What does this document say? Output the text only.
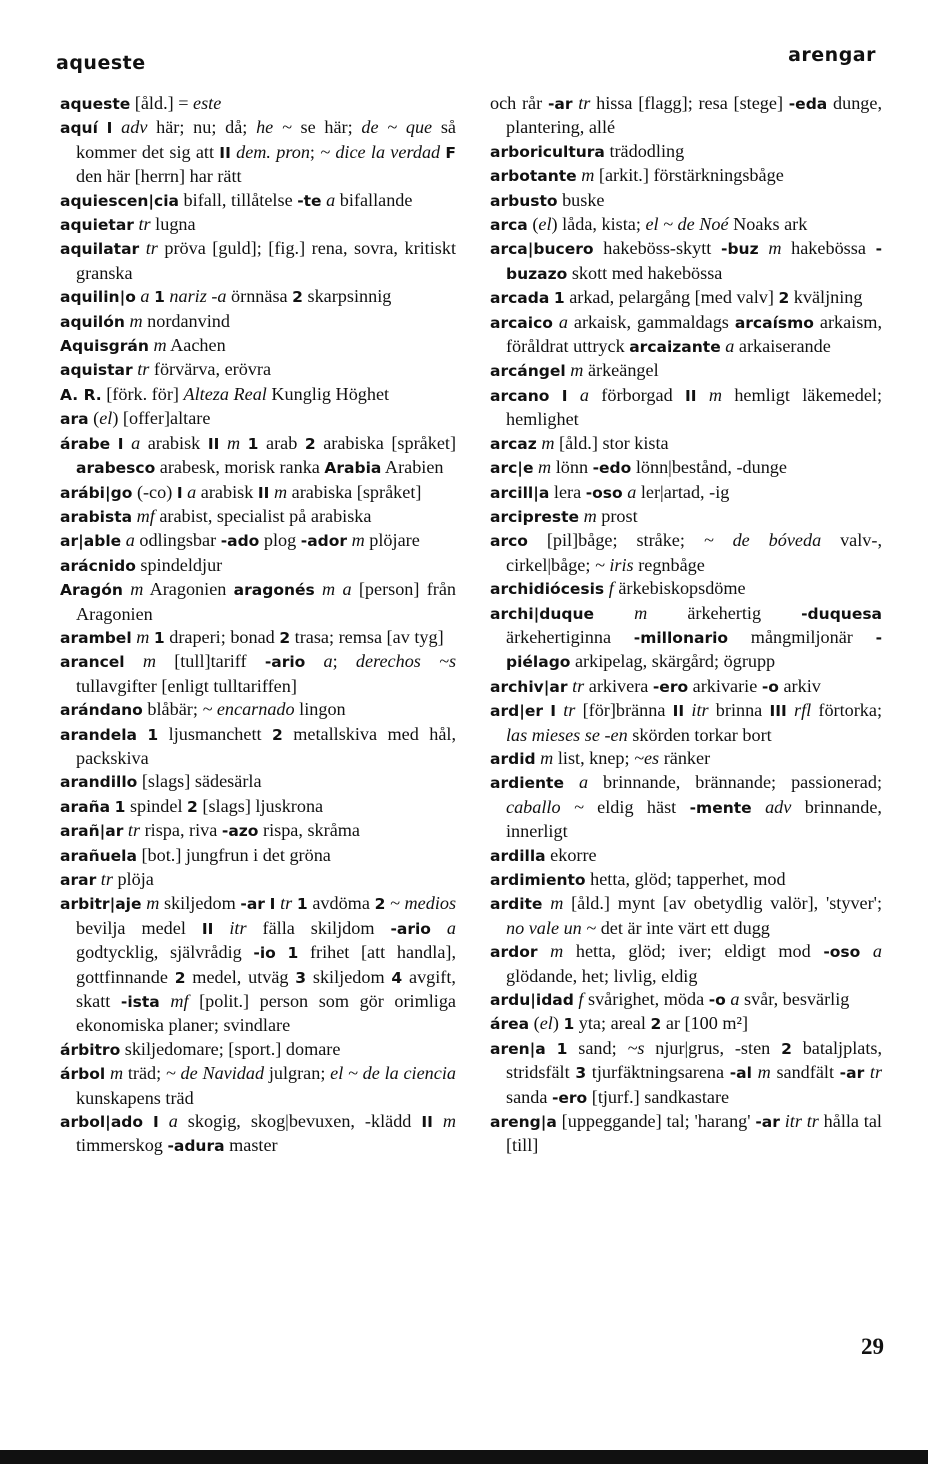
aqueste	arengar

aqueste [åld.] = este

aquí I adv här; nu; då; he ~ se här; de ~ que så kommer det sig att II dem. pron; ~ dice la verdad F den här [herrn] har rätt

aquiescen|cia bifall, tillåtelse -te a bifallande

aquietar tr lugna

aquilatar tr pröva [guld]; [fig.] rena, sovra, kritiskt granska

aquilin|o a 1 nariz -a örnnäsa 2 skarpsinnig

aquilón m nordanvind

Aquisgrán m Aachen

aquistar tr förvärva, erövra

A. R. [förk. för] Alteza Real Kunglig Höghet

ara (el) [offer]altare

árabe I a arabisk II m 1 arab 2 arabiska [språket] arabesco arabesk, morisk ranka Arabia Arabien

arábi|go (-co) I a arabisk II m arabiska [språket]

arabista mf arabist, specialist på arabiska

ar|able a odlingsbar -ado plog -ador m plöjare

arácnido spindeldjur

Aragón m Aragonien aragonés m a [person] från Aragonien

arambel m 1 draperi; bonad 2 trasa; remsa [av tyg]

arancel m [tull]tariff -ario a; derechos ~s tullavgifter [enligt tulltariffen]

arándano blåbär; ~ encarnado lingon

arandela 1 ljusmanchett 2 metallskiva med hål, packskiva

arandillo [slags] sädesärla

araña 1 spindel 2 [slags] ljuskrona

arañ|ar tr rispa, riva -azo rispa, skråma

arañuela [bot.] jungfrun i det gröna

arar tr plöja

arbitr|aje m skiljedom -ar I tr 1 avdöma 2 ~ medios bevilja medel II itr fälla skiljdom -ario a godtycklig, självrådig -io 1 frihet [att handla], gottfinnande 2 medel, utväg 3 skiljedom 4 avgift, skatt -ista mf [polit.] person som gör orimliga ekonomiska planer; svindlare

árbitro skiljedomare; [sport.] domare

árbol m träd; ~ de Navidad julgran; el ~ de la ciencia kunskapens träd

arbol|ado I a skogig, skog|bevuxen, -klädd II m timmerskog -adura master

och rår -ar tr hissa [flagg]; resa [stege] -eda dunge, plantering, allé

arboricultura trädodling

arbotante m [arkit.] förstärkningsbåge

arbusto buske

arca (el) låda, kista; el ~ de Noé Noaks ark

arca|bucero hakeböss-skytt -buz m hakebössa -buzazo skott med hakebössa

arcada 1 arkad, pelargång [med valv] 2 kväljning

arcaico a arkaisk, gammaldags arcaísmo arkaism, föråldrat uttryck arcaizante a arkaiserande

arcángel m ärkeängel

arcano I a förborgad II m hemligt läkemedel; hemlighet

arcaz m [åld.] stor kista

arc|e m lönn -edo lönn|bestånd, -dunge

arcill|a lera -oso a ler|artad, -ig

arcipreste m prost

arco [pil]båge; stråke; ~ de bóveda valv-, cirkel|båge; ~ iris regnbåge

archidiócesis f ärkebiskopsdöme

archi|duque m ärkehertig -duquesa ärkehertiginna -millonario mångmiljonär -piélago arkipelag, skärgård; ögrupp

archiv|ar tr arkivera -ero arkivarie -o arkiv

ard|er I tr [för]bränna II itr brinna III rfl förtorka; las mieses se -en skörden torkar bort

ardid m list, knep; ~es ränker

ardiente a brinnande, brännande; passionerad; caballo ~ eldig häst -mente adv brinnande, innerligt

ardilla ekorre

ardimiento hetta, glöd; tapperhet, mod

ardite m [åld.] mynt [av obetydlig valör], 'styver'; no vale un ~ det är inte värt ett dugg

ardor m hetta, glöd; iver; eldigt mod -oso a glödande, het; livlig, eldig

ardu|idad f svårighet, möda -o a svår, besvärlig

área (el) 1 yta; areal 2 ar [100 m²]

aren|a 1 sand; ~s njur|grus, -sten 2 bataljplats, stridsfält 3 tjurfäktningsarena -al m sandfält -ar tr sanda -ero [tjurf.] sandkastare

areng|a [uppeggande] tal; 'harang' -ar itr tr hålla tal [till]

29
